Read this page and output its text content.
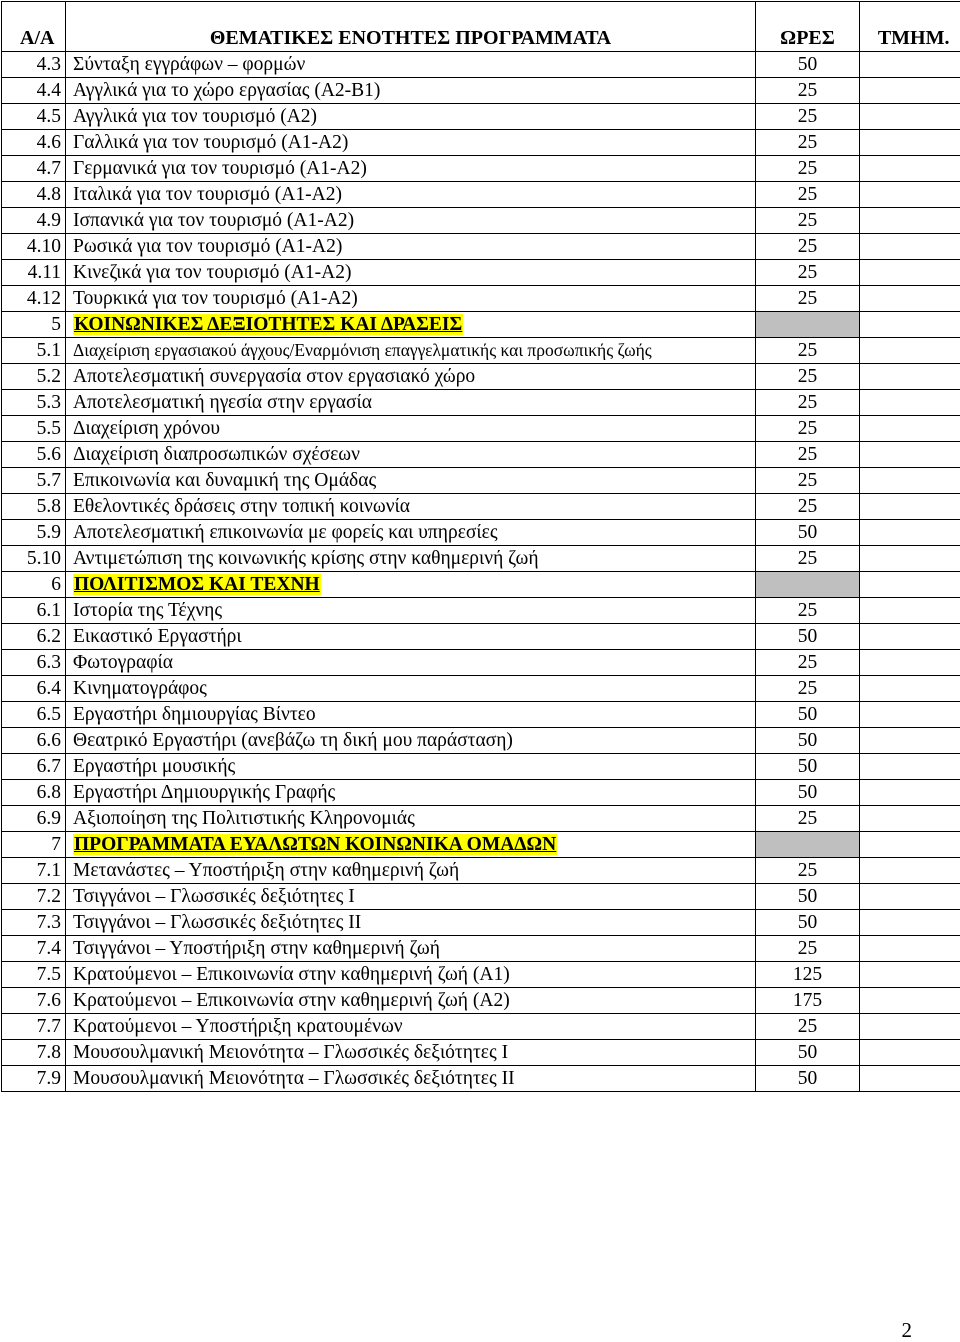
Α/Α	ΘΕΜΑΤΙΚΕΣ ΕΝΟΤΗΤΕΣ ΠΡΟΓΡΑΜΜΑΤΑ	ΩΡΕΣ	ΤΜΗΜ.
4.3	Σύνταξη εγγράφων – φορμών	50	
4.4	Αγγλικά για το χώρο εργασίας (Α2-Β1)	25	
4.5	Αγγλικά για τον τουρισμό (Α2)	25	
4.6	Γαλλικά για τον τουρισμό (Α1-Α2)	25	
4.7	Γερμανικά για τον τουρισμό (Α1-Α2)	25	
4.8	Ιταλικά για τον τουρισμό (Α1-Α2)	25	
4.9	Ισπανικά για τον τουρισμό (Α1-Α2)	25	
4.10	Ρωσικά για τον τουρισμό (Α1-Α2)	25	
4.11	Κινεζικά για τον τουρισμό (Α1-Α2)	25	
4.12	Τουρκικά για τον τουρισμό (Α1-Α2)	25	
5	ΚΟΙΝΩΝΙΚΕΣ ΔΕΞΙΟΤΗΤΕΣ ΚΑΙ ΔΡΑΣΕΙΣ		
5.1	Διαχείριση εργασιακού άγχους/Εναρμόνιση επαγγελματικής και προσωπικής ζωής	25	
5.2	Αποτελεσματική συνεργασία στον εργασιακό χώρο	25	
5.3	Αποτελεσματική ηγεσία στην εργασία	25	
5.5	Διαχείριση χρόνου	25	
5.6	Διαχείριση διαπροσωπικών σχέσεων	25	
5.7	Επικοινωνία και δυναμική της Ομάδας	25	
5.8	Εθελοντικές δράσεις στην τοπική κοινωνία	25	
5.9	Αποτελεσματική επικοινωνία με φορείς και υπηρεσίες	50	
5.10	Αντιμετώπιση της κοινωνικής κρίσης στην καθημερινή ζωή	25	
6	ΠΟΛΙΤΙΣΜΟΣ ΚΑΙ ΤΕΧΝΗ		
6.1	Ιστορία της Τέχνης	25	
6.2	Εικαστικό Εργαστήρι	50	
6.3	Φωτογραφία	25	
6.4	Κινηματογράφος	25	
6.5	Εργαστήρι δημιουργίας Βίντεο	50	
6.6	Θεατρικό Εργαστήρι (ανεβάζω τη δική μου παράσταση)	50	
6.7	Εργαστήρι μουσικής	50	
6.8	Εργαστήρι Δημιουργικής Γραφής	50	
6.9	Αξιοποίηση της Πολιτιστικής Κληρονομιάς	25	
7	ΠΡΟΓΡΑΜΜΑΤΑ ΕΥΑΛΩΤΩΝ ΚΟΙΝΩΝΙΚΑ ΟΜΑΔΩΝ		
7.1	Μετανάστες – Υποστήριξη στην καθημερινή ζωή	25	
7.2	Τσιγγάνοι – Γλωσσικές δεξιότητες Ι	50	
7.3	Τσιγγάνοι – Γλωσσικές δεξιότητες ΙΙ	50	
7.4	Τσιγγάνοι – Υποστήριξη στην καθημερινή ζωή	25	
7.5	Κρατούμενοι – Επικοινωνία στην καθημερινή ζωή (Α1)	125	
7.6	Κρατούμενοι – Επικοινωνία στην καθημερινή ζωή (Α2)	175	
7.7	Κρατούμενοι – Υποστήριξη κρατουμένων	25	
7.8	Μουσουλμανική Μειονότητα – Γλωσσικές δεξιότητες Ι	50	
7.9	Μουσουλμανική Μειονότητα – Γλωσσικές δεξιότητες ΙΙ	50	
2
